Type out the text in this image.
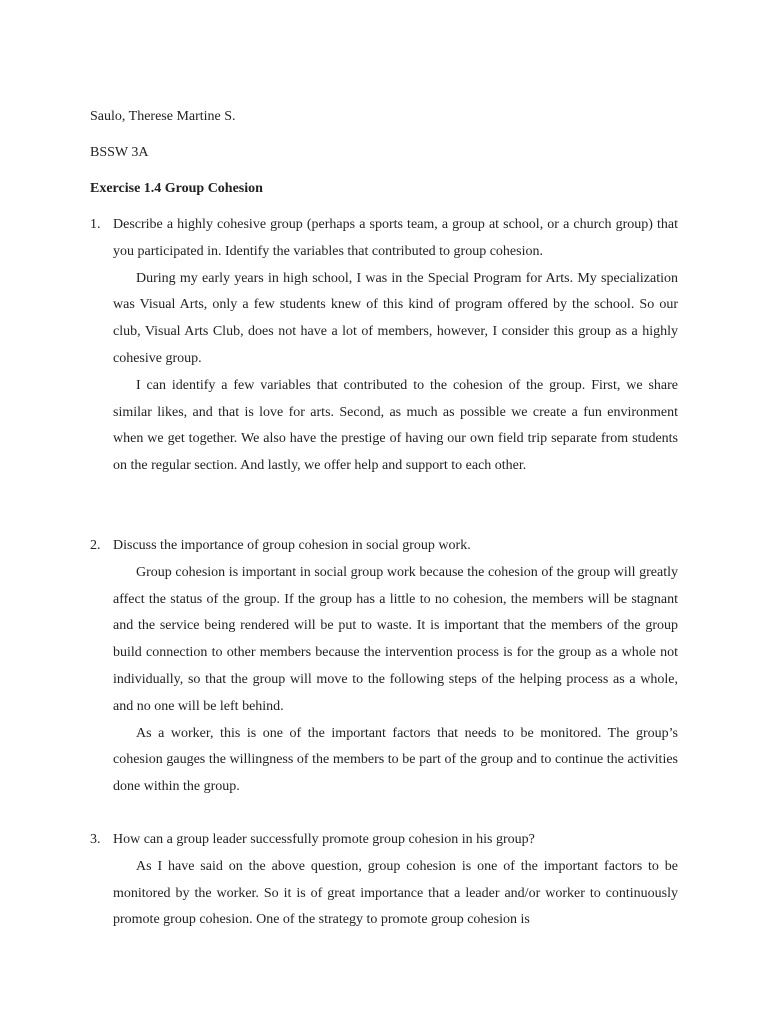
Saulo, Therese Martine S.
BSSW 3A
Exercise 1.4 Group Cohesion
1. Describe a highly cohesive group (perhaps a sports team, a group at school, or a church group) that you participated in. Identify the variables that contributed to group cohesion.

During my early years in high school, I was in the Special Program for Arts. My specialization was Visual Arts, only a few students knew of this kind of program offered by the school. So our club, Visual Arts Club, does not have a lot of members, however, I consider this group as a highly cohesive group.

I can identify a few variables that contributed to the cohesion of the group. First, we share similar likes, and that is love for arts. Second, as much as possible we create a fun environment when we get together. We also have the prestige of having our own field trip separate from students on the regular section. And lastly, we offer help and support to each other.

2. Discuss the importance of group cohesion in social group work.

Group cohesion is important in social group work because the cohesion of the group will greatly affect the status of the group. If the group has a little to no cohesion, the members will be stagnant and the service being rendered will be put to waste. It is important that the members of the group build connection to other members because the intervention process is for the group as a whole not individually, so that the group will move to the following steps of the helping process as a whole, and no one will be left behind.

As a worker, this is one of the important factors that needs to be monitored. The group’s cohesion gauges the willingness of the members to be part of the group and to continue the activities done within the group.

3. How can a group leader successfully promote group cohesion in his group?

As I have said on the above question, group cohesion is one of the important factors to be monitored by the worker. So it is of great importance that a leader and/or worker to continuously promote group cohesion. One of the strategy to promote group cohesion is
